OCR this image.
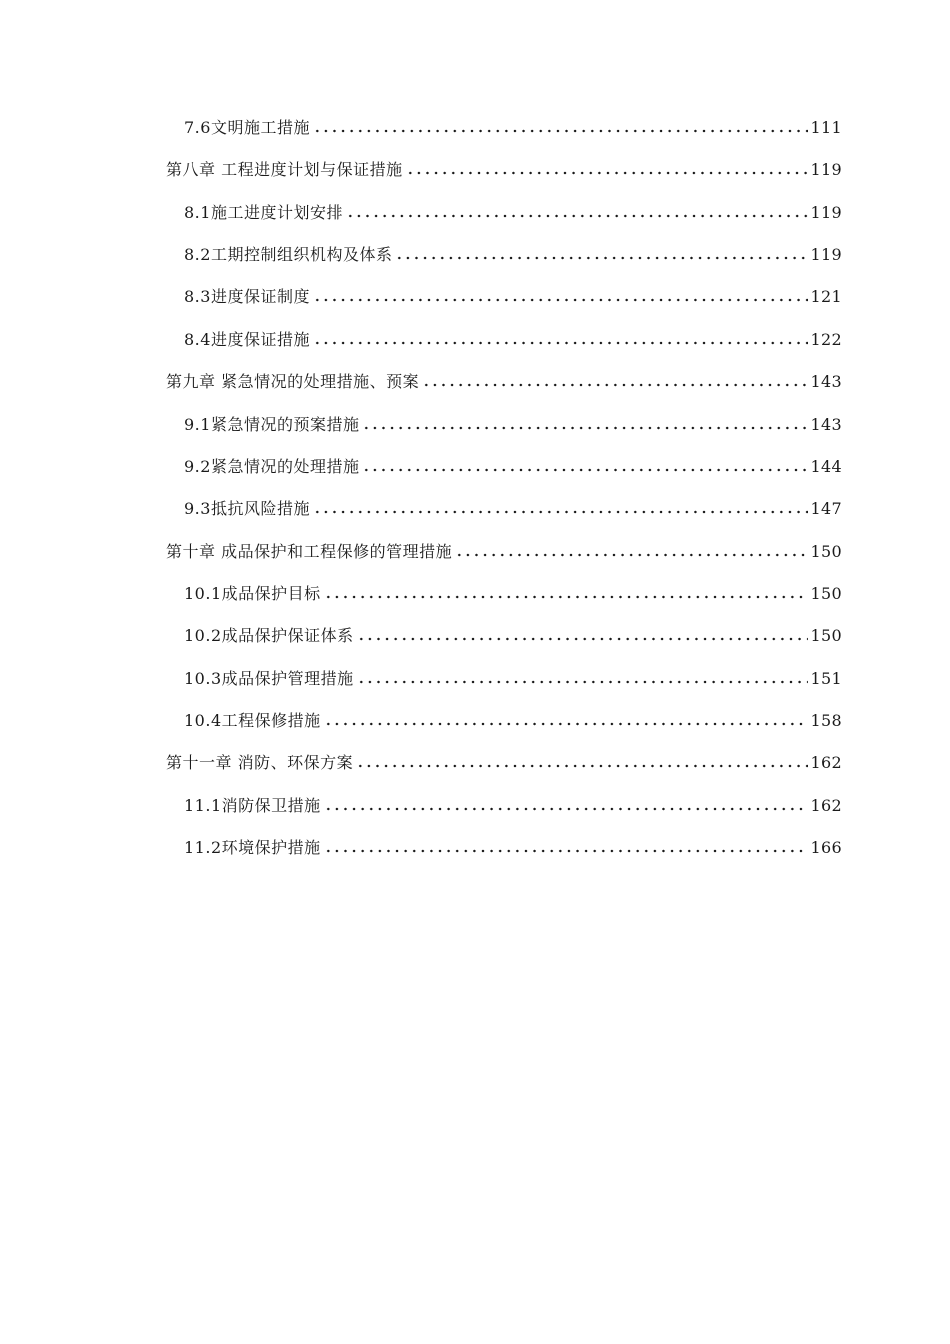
7.6文明施工措施	111
第八章 工程进度计划与保证措施	119
8.1施工进度计划安排	119
8.2工期控制组织机构及体系	119
8.3进度保证制度	121
8.4进度保证措施	122
第九章 紧急情况的处理措施、预案	143
9.1紧急情况的预案措施	143
9.2紧急情况的处理措施	144
9.3抵抗风险措施	147
第十章 成品保护和工程保修的管理措施	150
10.1成品保护目标	150
10.2成品保护保证体系	150
10.3成品保护管理措施	151
10.4工程保修措施	158
第十一章 消防、环保方案	162
11.1消防保卫措施	162
11.2环境保护措施	166
